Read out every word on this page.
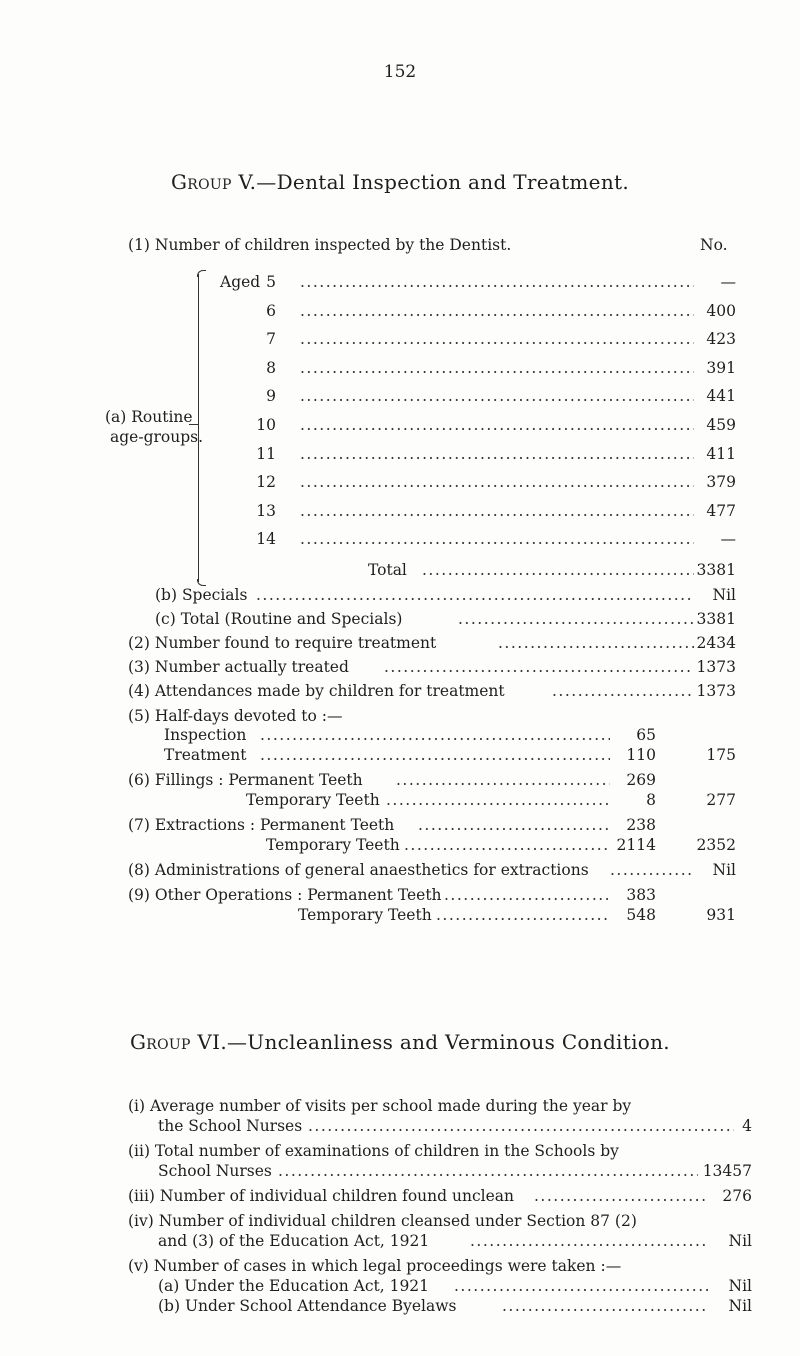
152
Group V.—Dental Inspection and Treatment.
(1) Number of children inspected by the Dentist.	No.
(a) Routine
age-groups.
Aged 5 .....	—
6 .....	400
7 .....	423
8 .....	391
9 .....	441
10 .....	459
11 .....	411
12 .....	379
13 .....	477
14 .....	—
Total .....	3381
(b) Specials .....	Nil
(c) Total (Routine and Specials) .....	3381
(2) Number found to require treatment .....	2434
(3) Number actually treated .....	1373
(4) Attendances made by children for treatment .....	1373
(5) Half-days devoted to :—
Inspection .....	65
Treatment .....	110	175
(6) Fillings : Permanent Teeth .....	269
Temporary Teeth .....	8	277
(7) Extractions : Permanent Teeth .....	238
Temporary Teeth .....	2114	2352
(8) Administrations of general anaesthetics for extractions .....	Nil
(9) Other Operations : Permanent Teeth .....	383
Temporary Teeth .....	548	931
Group VI.—Uncleanliness and Verminous Condition.
(i) Average number of visits per school made during the year by
the School Nurses .....	4
(ii) Total number of examinations of children in the Schools by
School Nurses .....	13457
(iii) Number of individual children found unclean .....	276
(iv) Number of individual children cleansed under Section 87 (2)
and (3) of the Education Act, 1921 .....	Nil
(v) Number of cases in which legal proceedings were taken :—
(a) Under the Education Act, 1921 .....	Nil
(b) Under School Attendance Byelaws .....	Nil
